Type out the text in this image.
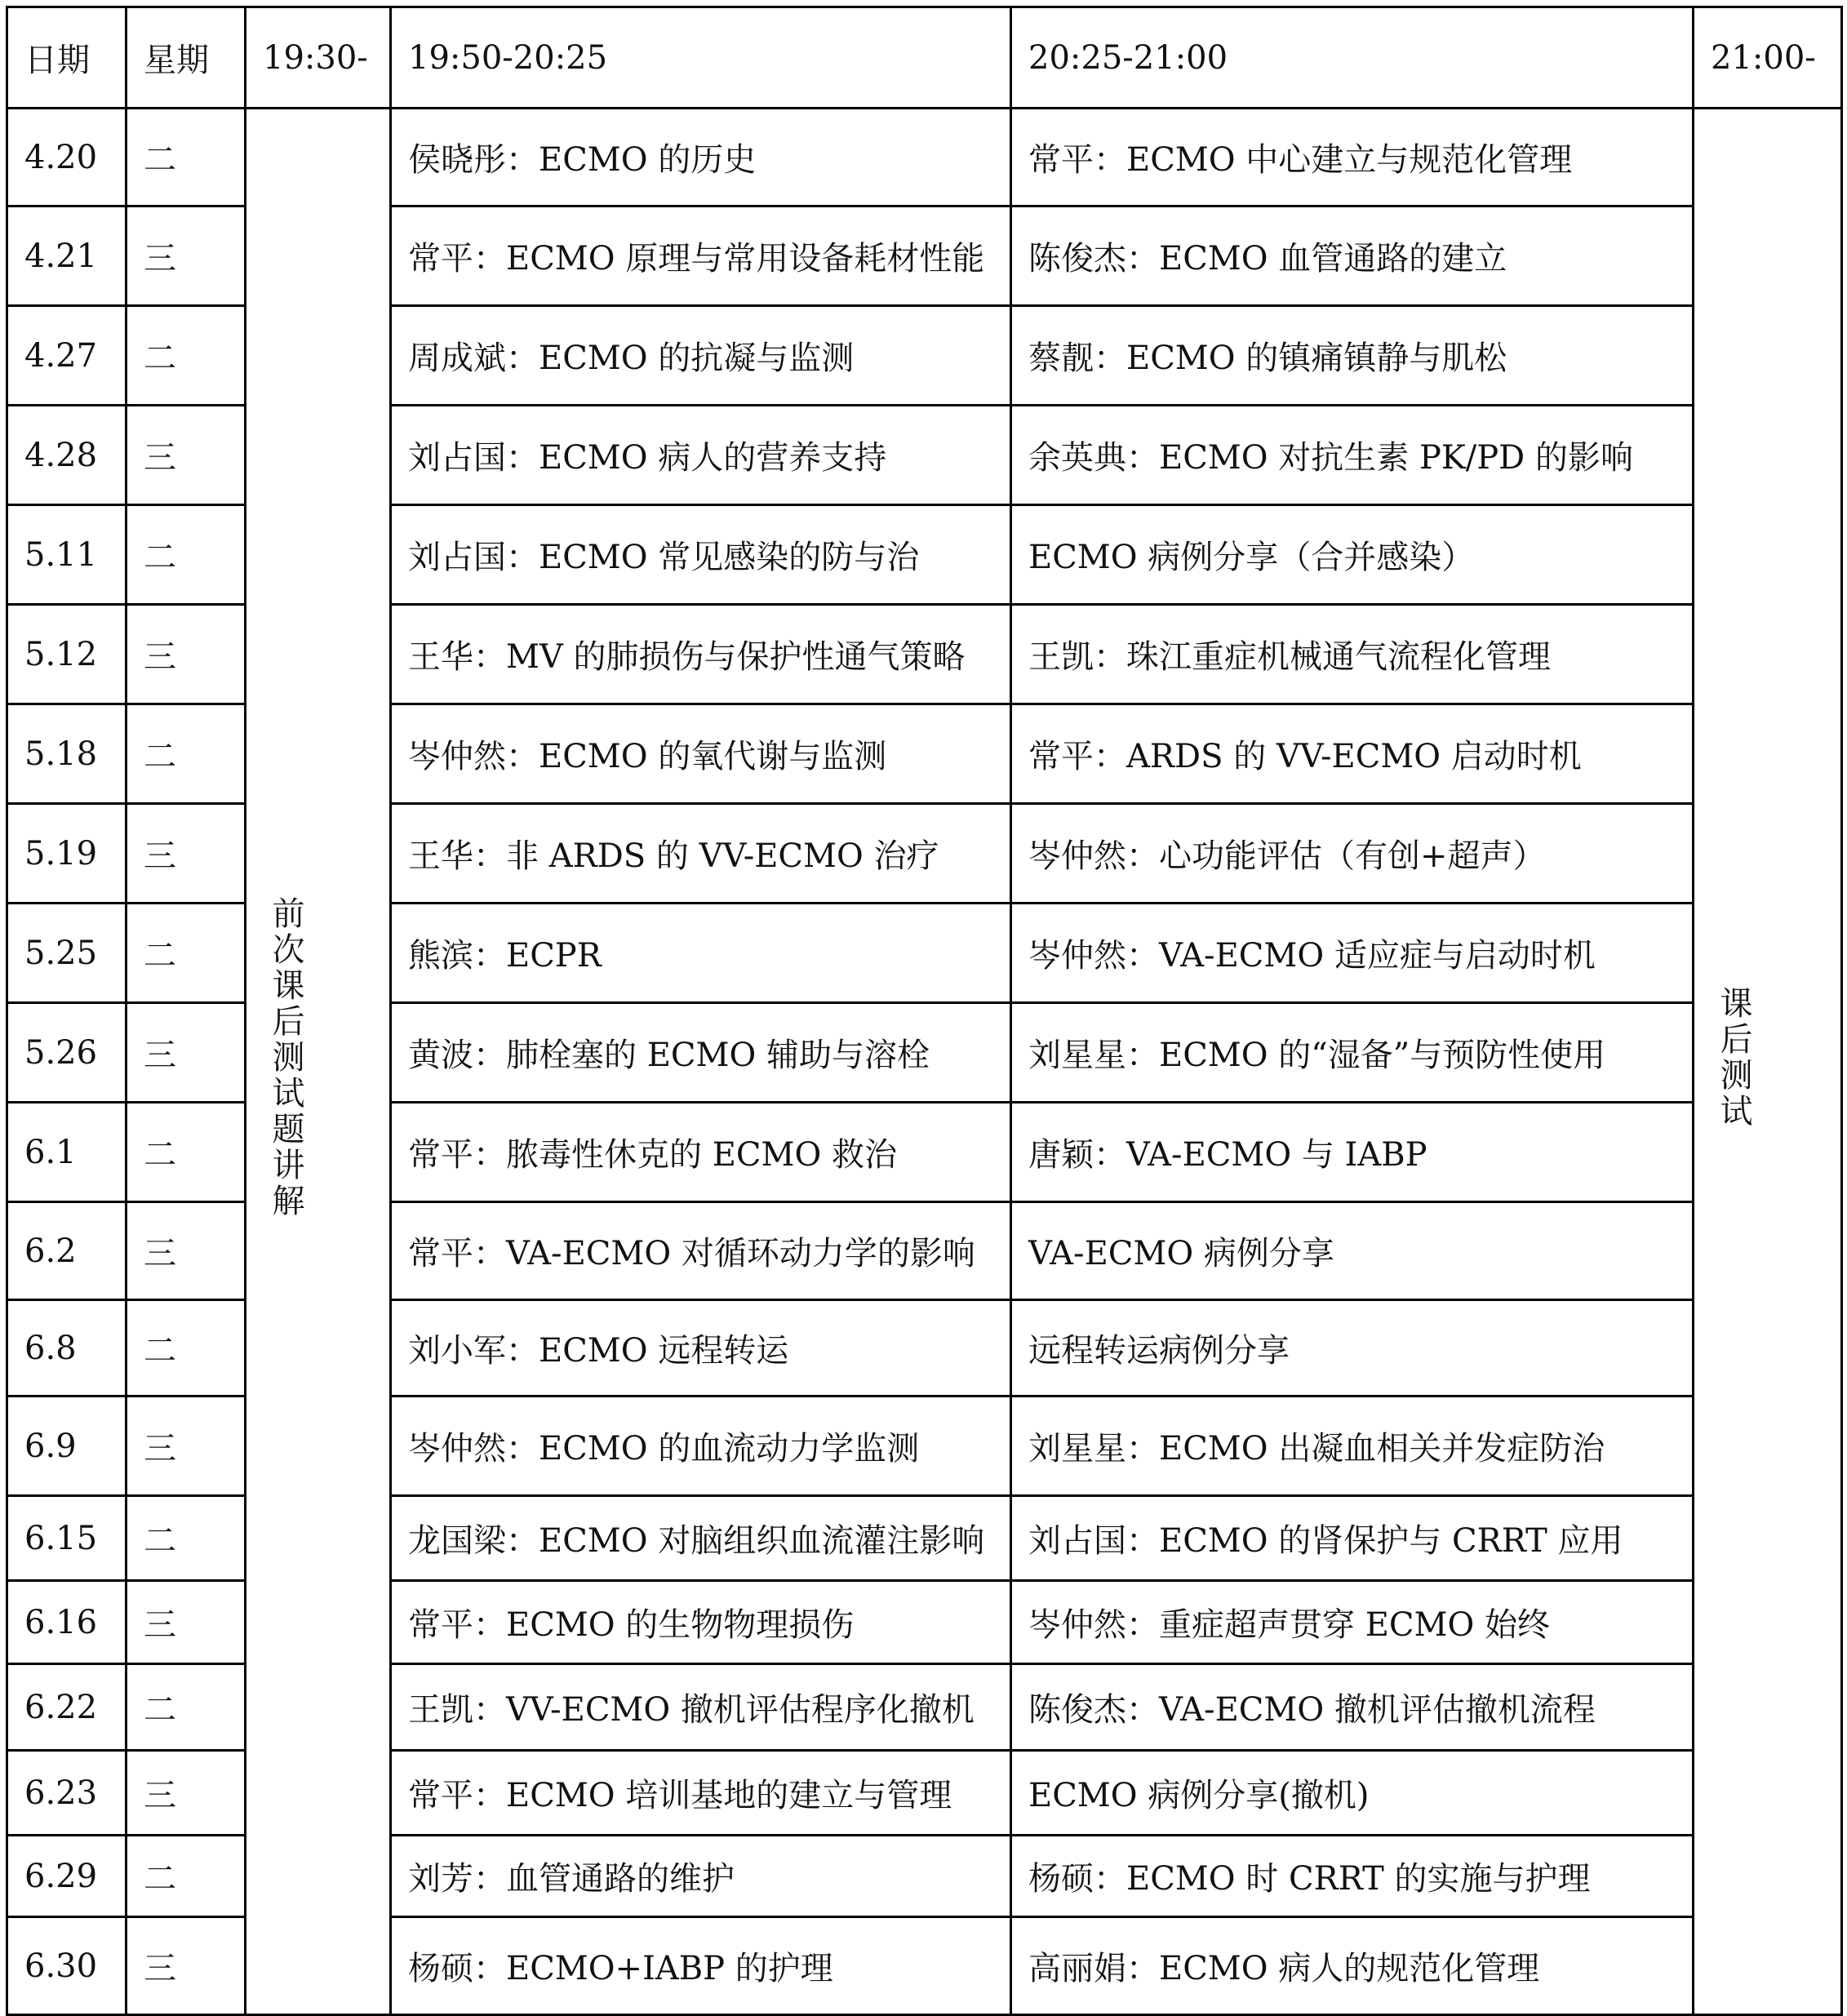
日期	星期	19:30-	19:50-20:25	20:25-21:00	21:00-
4.20	二	前次课后测试题讲解	侯晓彤：ECMO 的历史	常平：ECMO 中心建立与规范化管理	课后测试
4.21	三		常平：ECMO 原理与常用设备耗材性能	陈俊杰：ECMO 血管通路的建立	
4.27	二		周成斌：ECMO 的抗凝与监测	蔡靓：ECMO 的镇痛镇静与肌松	
4.28	三		刘占国：ECMO 病人的营养支持	余英典：ECMO 对抗生素 PK/PD 的影响	
5.11	二		刘占国：ECMO 常见感染的防与治	ECMO 病例分享（合并感染）	
5.12	三		王华：MV 的肺损伤与保护性通气策略	王凯：珠江重症机械通气流程化管理	
5.18	二		岑仲然：ECMO 的氧代谢与监测	常平：ARDS 的 VV-ECMO 启动时机	
5.19	三		王华：非 ARDS 的 VV-ECMO 治疗	岑仲然：心功能评估（有创+超声）	
5.25	二		熊滨：ECPR	岑仲然：VA-ECMO 适应症与启动时机	
5.26	三		黄波：肺栓塞的 ECMO 辅助与溶栓	刘星星：ECMO 的“湿备”与预防性使用	
6.1	二		常平：脓毒性休克的 ECMO 救治	唐颖：VA-ECMO 与 IABP	
6.2	三		常平：VA-ECMO 对循环动力学的影响	VA-ECMO 病例分享	
6.8	二		刘小军：ECMO 远程转运	远程转运病例分享	
6.9	三		岑仲然：ECMO 的血流动力学监测	刘星星：ECMO 出凝血相关并发症防治	
6.15	二		龙国梁：ECMO 对脑组织血流灌注影响	刘占国：ECMO 的肾保护与 CRRT 应用	
6.16	三		常平：ECMO 的生物物理损伤	岑仲然：重症超声贯穿 ECMO 始终	
6.22	二		王凯：VV-ECMO 撤机评估程序化撤机	陈俊杰：VA-ECMO 撤机评估撤机流程	
6.23	三		常平：ECMO 培训基地的建立与管理	ECMO 病例分享(撤机)	
6.29	二		刘芳：血管通路的维护	杨硕：ECMO 时 CRRT 的实施与护理	
6.30	三		杨硕：ECMO+IABP 的护理	高丽娟：ECMO 病人的规范化管理	
